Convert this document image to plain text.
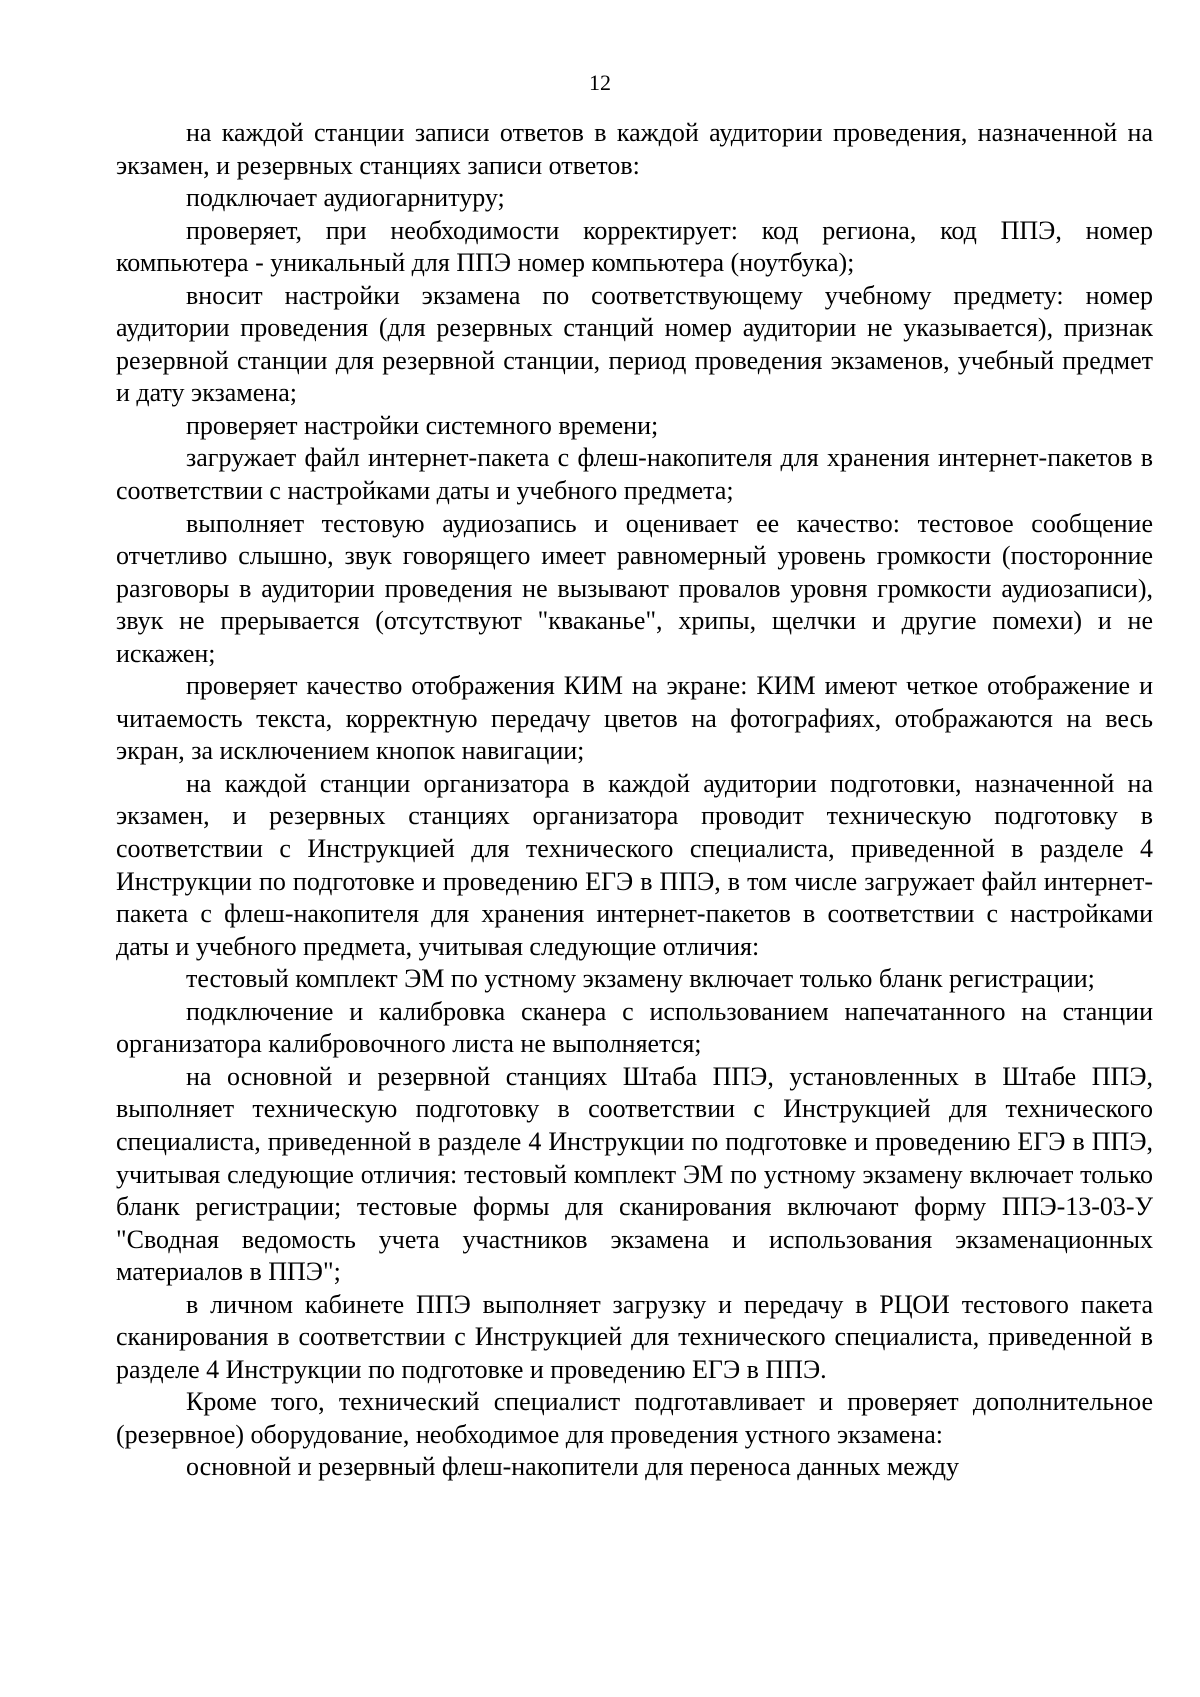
12

на каждой станции записи ответов в каждой аудитории проведения, назначенной на экзамен, и резервных станциях записи ответов:

подключает аудиогарнитуру;

проверяет, при необходимости корректирует: код региона, код ППЭ, номер компьютера - уникальный для ППЭ номер компьютера (ноутбука);

вносит настройки экзамена по соответствующему учебному предмету: номер аудитории проведения (для резервных станций номер аудитории не указывается), признак резервной станции для резервной станции, период проведения экзаменов, учебный предмет и дату экзамена;

проверяет настройки системного времени;

загружает файл интернет-пакета с флеш-накопителя для хранения интернет-пакетов в соответствии с настройками даты и учебного предмета;

выполняет тестовую аудиозапись и оценивает ее качество: тестовое сообщение отчетливо слышно, звук говорящего имеет равномерный уровень громкости (посторонние разговоры в аудитории проведения не вызывают провалов уровня громкости аудиозаписи), звук не прерывается (отсутствуют "кваканье", хрипы, щелчки и другие помехи) и не искажен;

проверяет качество отображения КИМ на экране: КИМ имеют четкое отображение и читаемость текста, корректную передачу цветов на фотографиях, отображаются на весь экран, за исключением кнопок навигации;

на каждой станции организатора в каждой аудитории подготовки, назначенной на экзамен, и резервных станциях организатора проводит техническую подготовку в соответствии с Инструкцией для технического специалиста, приведенной в разделе 4 Инструкции по подготовке и проведению ЕГЭ в ППЭ, в том числе загружает файл интернет-пакета с флеш-накопителя для хранения интернет-пакетов в соответствии с настройками даты и учебного предмета, учитывая следующие отличия:

тестовый комплект ЭМ по устному экзамену включает только бланк регистрации;

подключение и калибровка сканера с использованием напечатанного на станции организатора калибровочного листа не выполняется;

на основной и резервной станциях Штаба ППЭ, установленных в Штабе ППЭ, выполняет техническую подготовку в соответствии с Инструкцией для технического специалиста, приведенной в разделе 4 Инструкции по подготовке и проведению ЕГЭ в ППЭ, учитывая следующие отличия: тестовый комплект ЭМ по устному экзамену включает только бланк регистрации; тестовые формы для сканирования включают форму ППЭ-13-03-У "Сводная ведомость учета участников экзамена и использования экзаменационных материалов в ППЭ";

в личном кабинете ППЭ выполняет загрузку и передачу в РЦОИ тестового пакета сканирования в соответствии с Инструкцией для технического специалиста, приведенной в разделе 4 Инструкции по подготовке и проведению ЕГЭ в ППЭ.

Кроме того, технический специалист подготавливает и проверяет дополнительное (резервное) оборудование, необходимое для проведения устного экзамена:

основной и резервный флеш-накопители для переноса данных между
